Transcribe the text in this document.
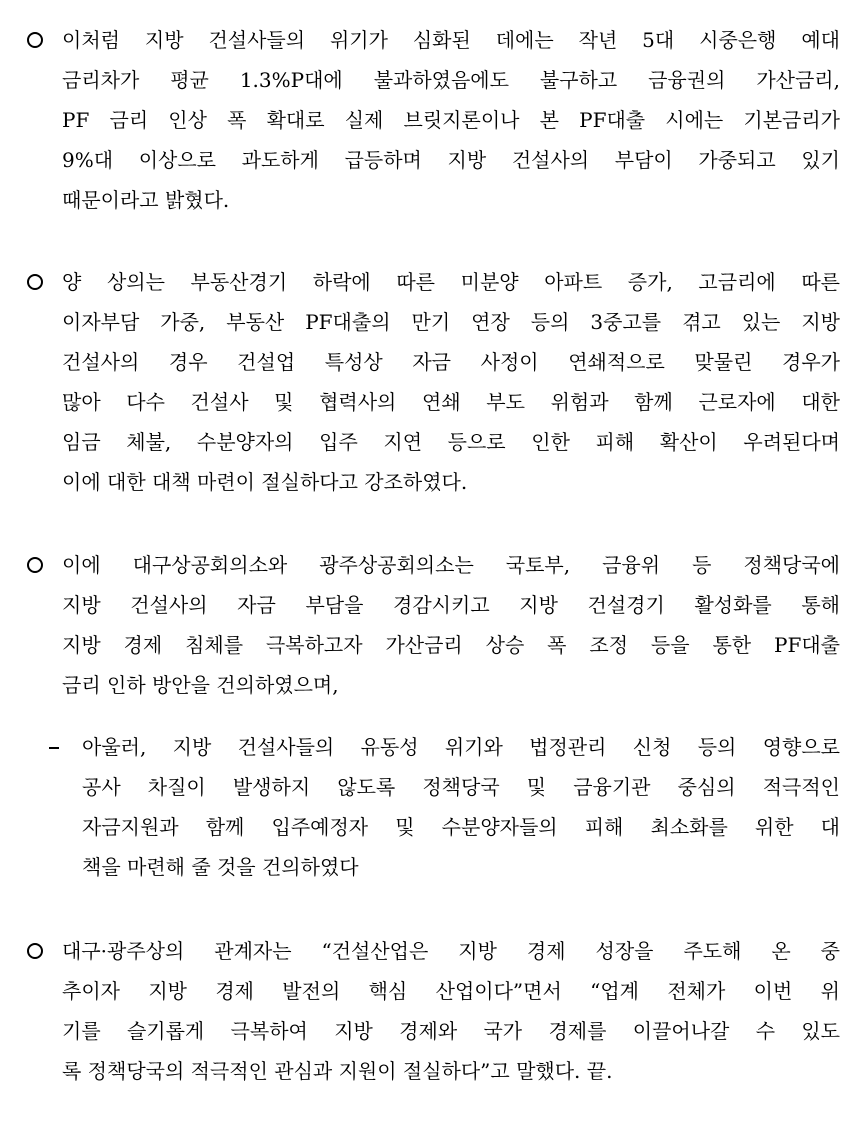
이처럼 지방 건설사들의 위기가 심화된 데에는 작년 5대 시중은행 예대
금리차가 평균 1.3%P대에 불과하였음에도 불구하고 금융권의 가산금리,
PF 금리 인상 폭 확대로 실제 브릿지론이나 본 PF대출 시에는 기본금리가
9%대 이상으로 과도하게 급등하며 지방 건설사의 부담이 가중되고 있기
때문이라고 밝혔다.
양 상의는 부동산경기 하락에 따른 미분양 아파트 증가, 고금리에 따른
이자부담 가중, 부동산 PF대출의 만기 연장 등의 3중고를 겪고 있는 지방
건설사의 경우 건설업 특성상 자금 사정이 연쇄적으로 맞물린 경우가
많아 다수 건설사 및 협력사의 연쇄 부도 위험과 함께 근로자에 대한
임금 체불, 수분양자의 입주 지연 등으로 인한 피해 확산이 우려된다며
이에 대한 대책 마련이 절실하다고 강조하였다.
이에 대구상공회의소와 광주상공회의소는 국토부, 금융위 등 정책당국에
지방 건설사의 자금 부담을 경감시키고 지방 건설경기 활성화를 통해
지방 경제 침체를 극복하고자 가산금리 상승 폭 조정 등을 통한 PF대출
금리 인하 방안을 건의하였으며,
아울러, 지방 건설사들의 유동성 위기와 법정관리 신청 등의 영향으로
공사 차질이 발생하지 않도록 정책당국 및 금융기관 중심의 적극적인
자금지원과 함께 입주예정자 및 수분양자들의 피해 최소화를 위한 대
책을 마련해 줄 것을 건의하였다
대구·광주상의 관계자는 “건설산업은 지방 경제 성장을 주도해 온 중
추이자 지방 경제 발전의 핵심 산업이다”면서 “업계 전체가 이번 위
기를 슬기롭게 극복하여 지방 경제와 국가 경제를 이끌어나갈 수 있도
록 정책당국의 적극적인 관심과 지원이 절실하다”고 말했다. 끝.
